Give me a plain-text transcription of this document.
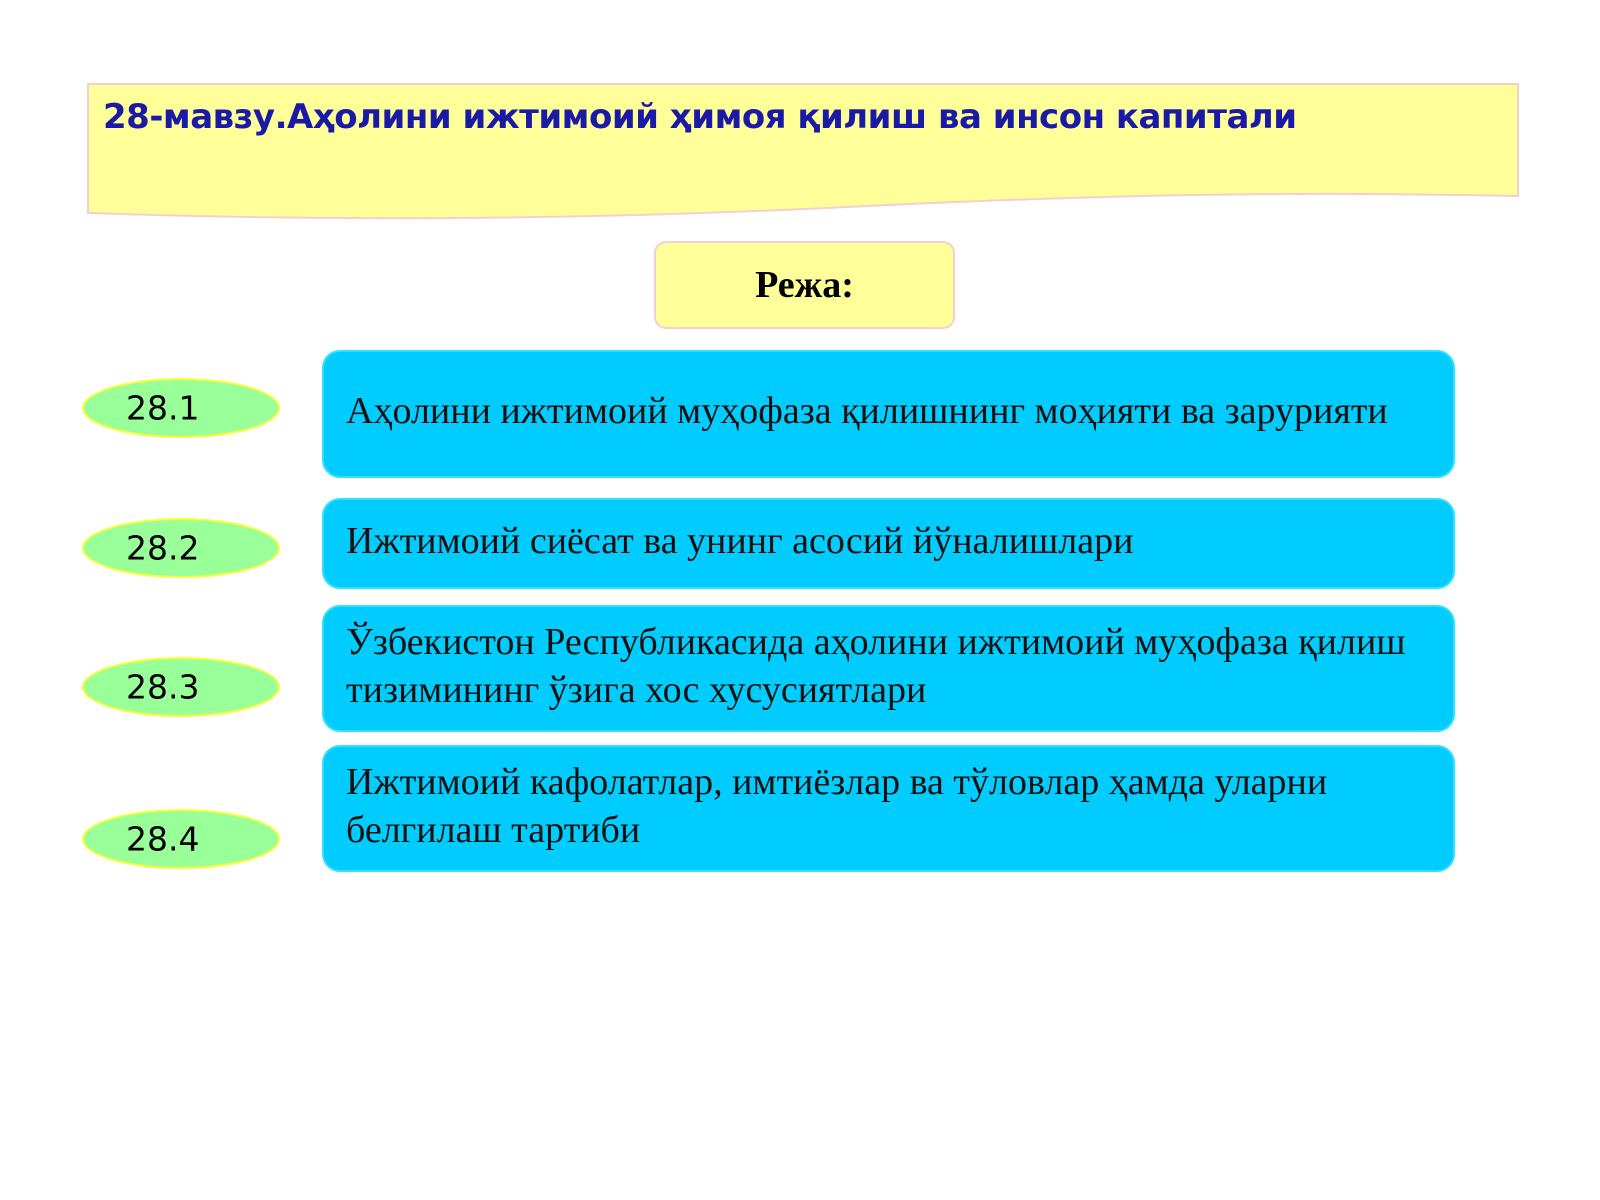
28-мавзу.Аҳолини ижтимоий ҳимоя қилиш ва инсон капитали
Режа:
28.1	Аҳолини ижтимоий муҳофаза қилишнинг моҳияти ва зарурияти
28.2	Ижтимоий сиёсат ва унинг асосий йўналишлари
28.3
Ўзбекистон Республикасида аҳолини ижтимоий муҳофаза қилиш тизимининг ўзига хос хусусиятлари
28.4
Ижтимоий кафолатлар, имтиёзлар ва тўловлар ҳамда уларни белгилаш тартиби
